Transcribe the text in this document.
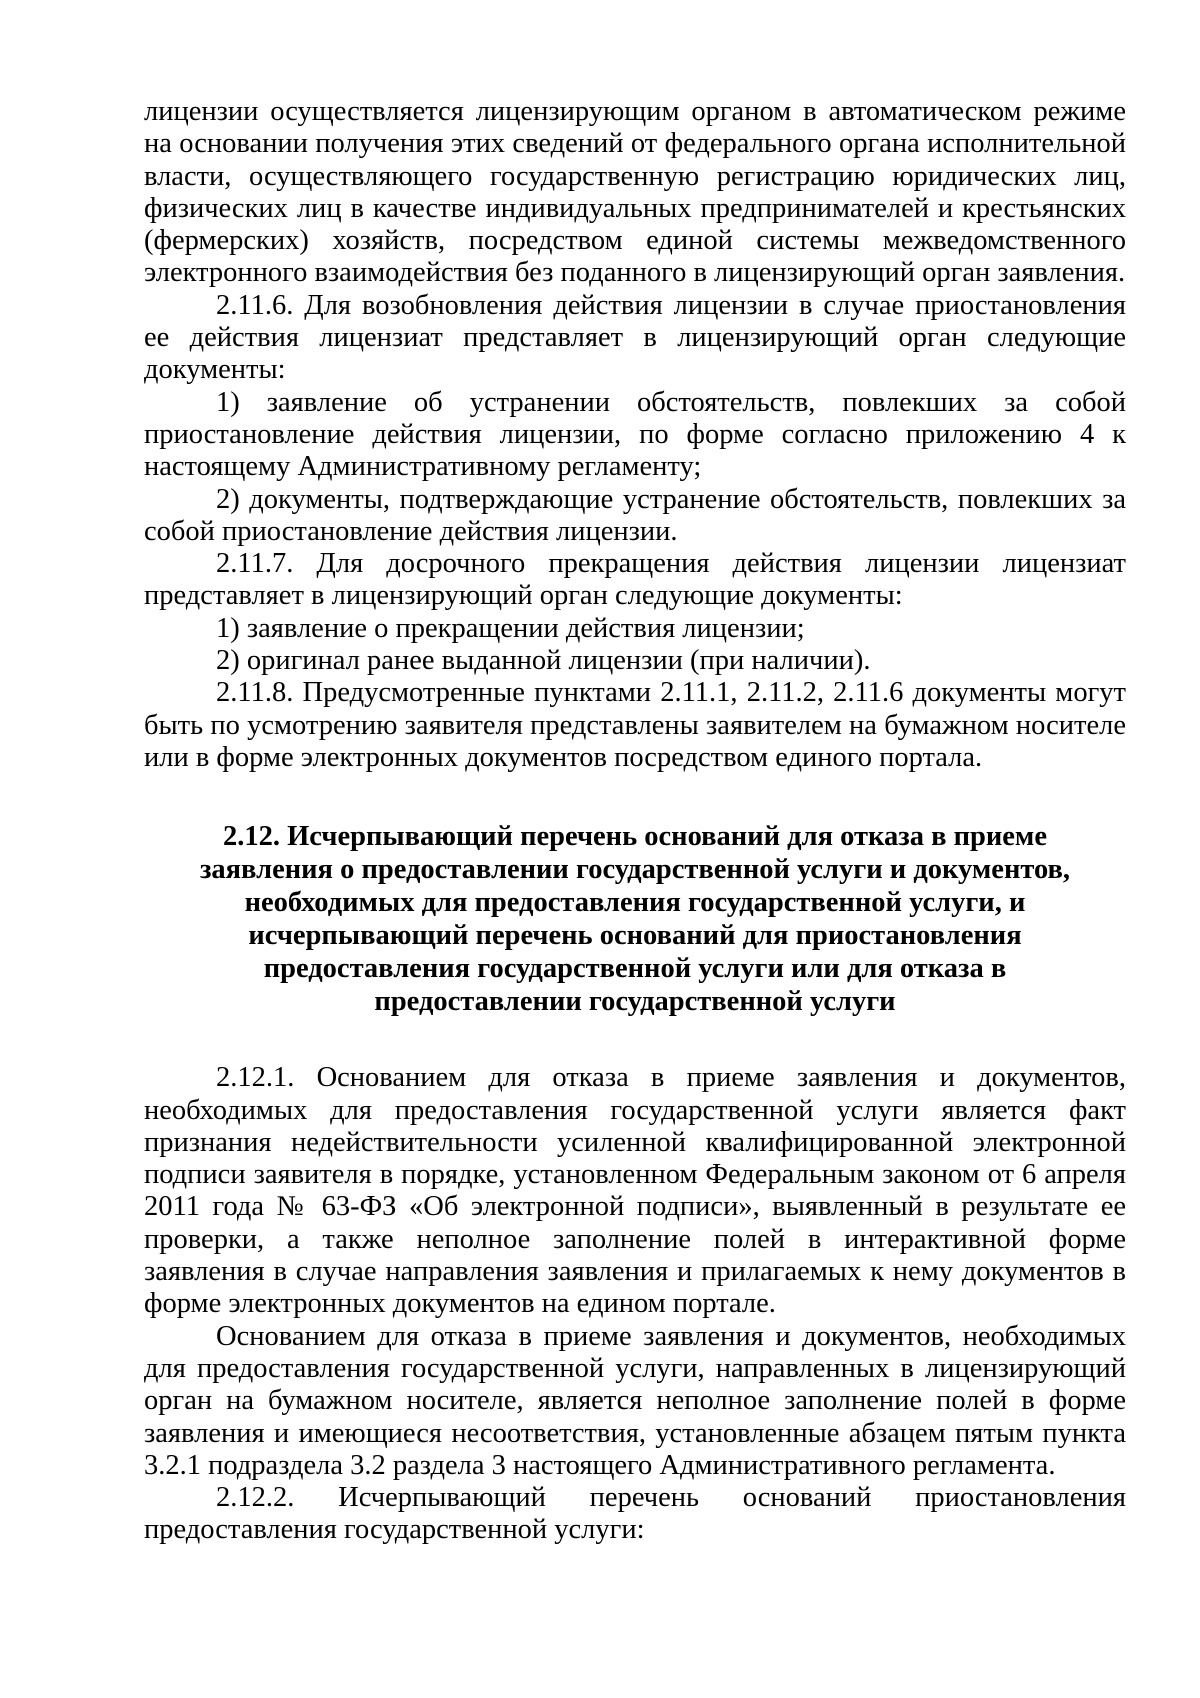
лицензии осуществляется лицензирующим органом в автоматическом режиме на основании получения этих сведений от федерального органа исполнительной власти, осуществляющего государственную регистрацию юридических лиц, физических лиц в качестве индивидуальных предпринимателей и крестьянских (фермерских) хозяйств, посредством единой системы межведомственного электронного взаимодействия без поданного в лицензирующий орган заявления.

2.11.6. Для возобновления действия лицензии в случае приостановления ее действия лицензиат представляет в лицензирующий орган следующие документы:

1) заявление об устранении обстоятельств, повлекших за собой приостановление действия лицензии, по форме согласно приложению 4 к настоящему Административному регламенту;

2) документы, подтверждающие устранение обстоятельств, повлекших за собой приостановление действия лицензии.

2.11.7. Для досрочного прекращения действия лицензии лицензиат представляет в лицензирующий орган следующие документы:

1) заявление о прекращении действия лицензии;

2) оригинал ранее выданной лицензии (при наличии).

2.11.8. Предусмотренные пунктами 2.11.1, 2.11.2, 2.11.6 документы могут быть по усмотрению заявителя представлены заявителем на бумажном носителе или в форме электронных документов посредством единого портала.

2.12. Исчерпывающий перечень оснований для отказа в приеме заявления о предоставлении государственной услуги и документов, необходимых для предоставления государственной услуги, и исчерпывающий перечень оснований для приостановления предоставления государственной услуги или для отказа в предоставлении государственной услуги

2.12.1. Основанием для отказа в приеме заявления и документов, необходимых для предоставления государственной услуги является факт признания недействительности усиленной квалифицированной электронной подписи заявителя в порядке, установленном Федеральным законом от 6 апреля 2011 года № 63-ФЗ «Об электронной подписи», выявленный в результате ее проверки, а также неполное заполнение полей в интерактивной форме заявления в случае направления заявления и прилагаемых к нему документов в форме электронных документов на едином портале.

Основанием для отказа в приеме заявления и документов, необходимых для предоставления государственной услуги, направленных в лицензирующий орган на бумажном носителе, является неполное заполнение полей в форме заявления и имеющиеся несоответствия, установленные абзацем пятым пункта 3.2.1 подраздела 3.2 раздела 3 настоящего Административного регламента.

2.12.2. Исчерпывающий перечень оснований приостановления предоставления государственной услуги:
